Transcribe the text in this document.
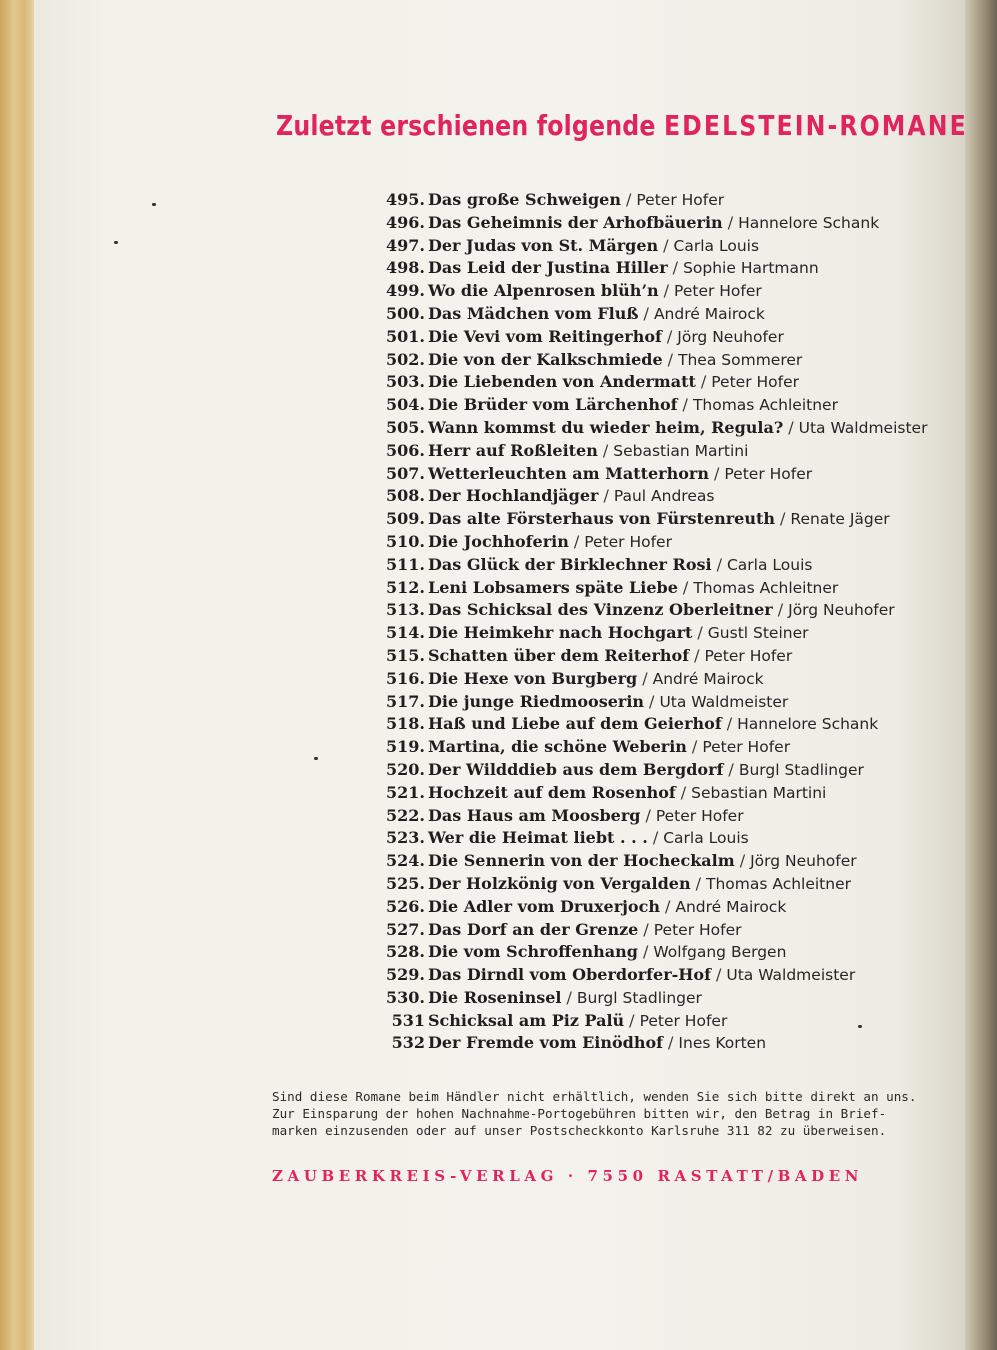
Zuletzt erschienen folgende EDELSTEIN-ROMANE
495. Das große Schweigen / Peter Hofer
496. Das Geheimnis der Arhofbäuerin / Hannelore Schank
497. Der Judas von St. Märgen / Carla Louis
498. Das Leid der Justina Hiller / Sophie Hartmann
499. Wo die Alpenrosen blüh’n / Peter Hofer
500. Das Mädchen vom Fluß / André Mairock
501. Die Vevi vom Reitingerhof / Jörg Neuhofer
502. Die von der Kalkschmiede / Thea Sommerer
503. Die Liebenden von Andermatt / Peter Hofer
504. Die Brüder vom Lärchenhof / Thomas Achleitner
505. Wann kommst du wieder heim, Regula? / Uta Waldmeister
506. Herr auf Roßleiten / Sebastian Martini
507. Wetterleuchten am Matterhorn / Peter Hofer
508. Der Hochlandjäger / Paul Andreas
509. Das alte Försterhaus von Fürstenreuth / Renate Jäger
510. Die Jochhoferin / Peter Hofer
511. Das Glück der Birklechner Rosi / Carla Louis
512. Leni Lobsamers späte Liebe / Thomas Achleitner
513. Das Schicksal des Vinzenz Oberleitner / Jörg Neuhofer
514. Die Heimkehr nach Hochgart / Gustl Steiner
515. Schatten über dem Reiterhof / Peter Hofer
516. Die Hexe von Burgberg / André Mairock
517. Die junge Riedmooserin / Uta Waldmeister
518. Haß und Liebe auf dem Geierhof / Hannelore Schank
519. Martina, die schöne Weberin / Peter Hofer
520. Der Wildddieb aus dem Bergdorf / Burgl Stadlinger
521. Hochzeit auf dem Rosenhof / Sebastian Martini
522. Das Haus am Moosberg / Peter Hofer
523. Wer die Heimat liebt . . . / Carla Louis
524. Die Sennerin von der Hocheckalm / Jörg Neuhofer
525. Der Holzkönig von Vergalden / Thomas Achleitner
526. Die Adler vom Druxerjoch / André Mairock
527. Das Dorf an der Grenze / Peter Hofer
528. Die vom Schroffenhang / Wolfgang Bergen
529. Das Dirndl vom Oberdorfer-Hof / Uta Waldmeister
530. Die Roseninsel / Burgl Stadlinger
531 Schicksal am Piz Palü / Peter Hofer
532 Der Fremde vom Einödhof / Ines Korten
Sind diese Romane beim Händler nicht erhältlich, wenden Sie sich bitte direkt an uns.
Zur Einsparung der hohen Nachnahme-Portogebühren bitten wir, den Betrag in Brief-
marken einzusenden oder auf unser Postscheckkonto Karlsruhe 311 82 zu überweisen.
ZAUBERKREIS-VERLAG · 7550 RASTATT/BADEN
